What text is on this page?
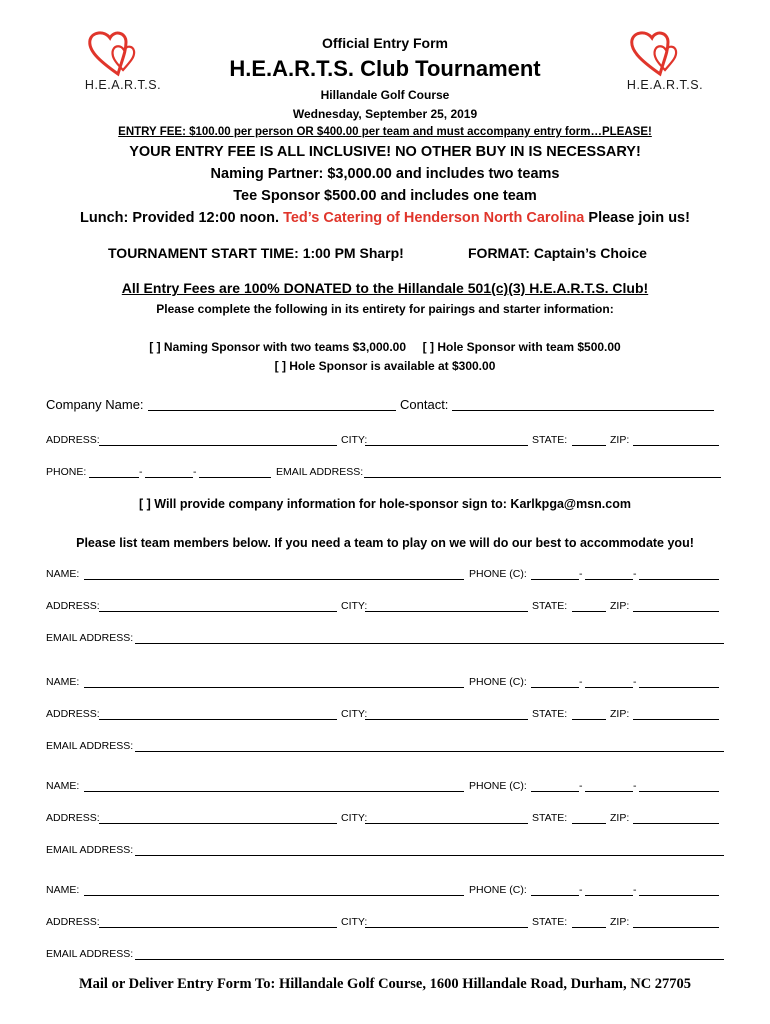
H.E.A.R.T.S.	H.E.A.R.T.S.
Official Entry Form
H.E.A.R.T.S. Club Tournament
Hillandale Golf Course
Wednesday, September 25, 2019
ENTRY FEE: $100.00 per person OR $400.00 per team and must accompany entry form…PLEASE!
YOUR ENTRY FEE IS ALL INCLUSIVE! NO OTHER BUY IN IS NECESSARY!
Naming Partner: $3,000.00 and includes two teams
Tee Sponsor $500.00 and includes one team
Lunch: Provided 12:00 noon. Ted’s Catering of Henderson North Carolina Please join us!
TOURNAMENT START TIME: 1:00 PM Sharp!	FORMAT: Captain’s Choice
All Entry Fees are 100% DONATED to the Hillandale 501(c)(3) H.E.A.R.T.S. Club!
Please complete the following in its entirety for pairings and starter information:
[ ] Naming Sponsor with two teams $3,000.00 [ ] Hole Sponsor with team $500.00
[ ] Hole Sponsor is available at $300.00
Company Name:	Contact:
ADDRESS:	CITY:	STATE:	ZIP:
PHONE:	-	-	EMAIL ADDRESS:
[ ] Will provide company information for hole-sponsor sign to: Karlkpga@msn.com
Please list team members below. If you need a team to play on we will do our best to accommodate you!
NAME:	PHONE (C):	-	-
ADDRESS:	CITY:	STATE:	ZIP:
EMAIL ADDRESS:
NAME:	PHONE (C):	-	-
ADDRESS:	CITY:	STATE:	ZIP:
EMAIL ADDRESS:
NAME:	PHONE (C):	-	-
ADDRESS:	CITY:	STATE:	ZIP:
EMAIL ADDRESS:
NAME:	PHONE (C):	-	-
ADDRESS:	CITY:	STATE:	ZIP:
EMAIL ADDRESS:
Mail or Deliver Entry Form To: Hillandale Golf Course, 1600 Hillandale Road, Durham, NC 27705
